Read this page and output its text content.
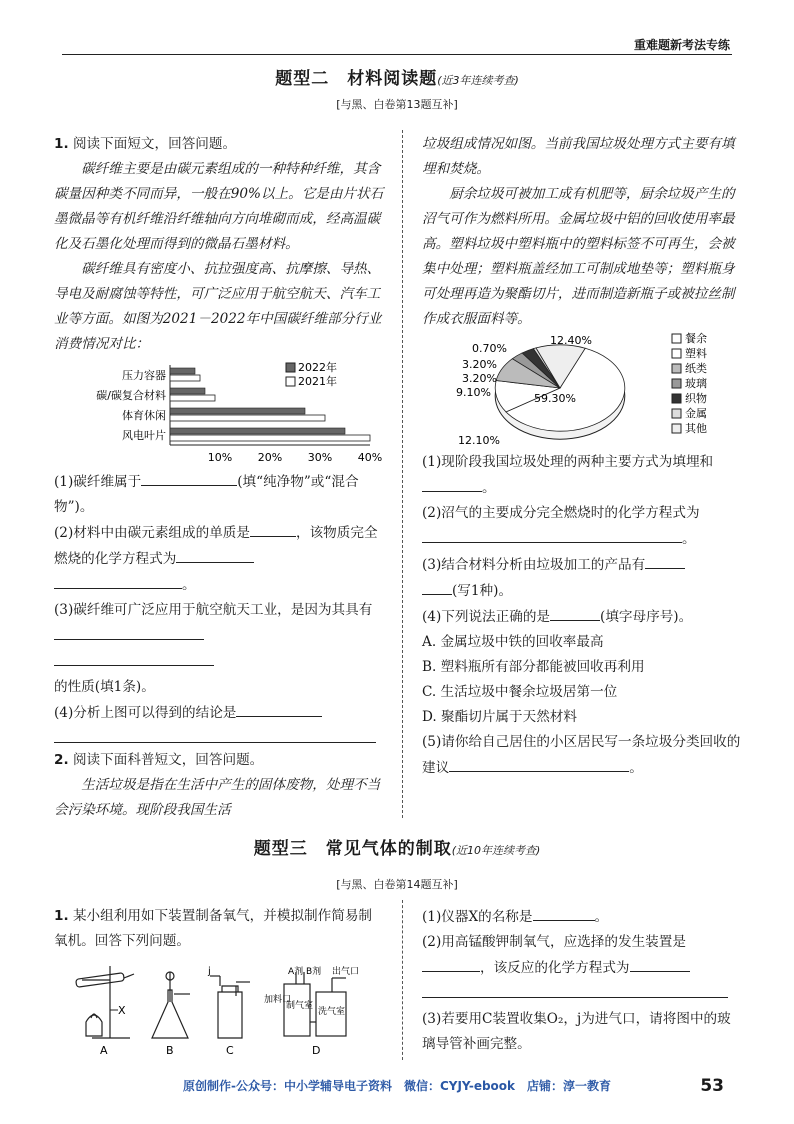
重难题新考法专练
题型二　材料阅读题(近3年连续考查)
[与黑、白卷第13题互补]
1. 阅读下面短文，回答问题。
碳纤维主要是由碳元素组成的一种特种纤维，其含碳量因种类不同而异，一般在90%以上。它是由片状石墨微晶等有机纤维沿纤维轴向方向堆砌而成，经高温碳化及石墨化处理而得到的微晶石墨材料。
碳纤维具有密度小、抗拉强度高、抗摩擦、导热、导电及耐腐蚀等特性，可广泛应用于航空航天、汽车工业等方面。如图为2021－2022年中国碳纤维部分行业消费情况对比：
压力容器
碳/碳复合材料
体育休闲
风电叶片
10% 20% 30% 40%
2022年
2021年
(1)碳纤维属于	(填“纯净物”或“混合物”)。
(2)材料中由碳元素组成的单质是	，该物质完全燃烧的化学方程式为
。
(3)碳纤维可广泛应用于航空航天工业，是因为其具有
的性质(填1条)。
(4)分析上图可以得到的结论是
2. 阅读下面科普短文，回答问题。
生活垃圾是指在生活中产生的固体废物，处理不当会污染环境。现阶段我国生活
垃圾组成情况如图。当前我国垃圾处理方式主要有填埋和焚烧。
厨余垃圾可被加工成有机肥等，厨余垃圾产生的沼气可作为燃料所用。金属垃圾中铝的回收使用率最高。塑料垃圾中塑料瓶中的塑料标签不可再生，会被集中处理；塑料瓶盖经加工可制成地垫等；塑料瓶身可处理再造为聚酯切片，进而制造新瓶子或被拉丝制作成衣服面料等。
59.30%
12.10%
9.10%
3.20%
3.20%
0.70%
12.40%	餐余
塑料
纸类
玻璃
织物
金属
其他
(1)现阶段我国垃圾处理的两种主要方式为填埋和。
(2)沼气的主要成分完全燃烧时的化学方程式为。
(3)结合材料分析由垃圾加工的产品有
(写1种)。
(4)下列说法正确的是	(填字母序号)。
A. 金属垃圾中铁的回收率最高
B. 塑料瓶所有部分都能被回收再利用
C. 生活垃圾中餐余垃圾居第一位
D. 聚酯切片属于天然材料
(5)请你给自己居住的小区居民写一条垃圾分类回收的建议	。
题型三　常见气体的制取(近10年连续考查)
[与黑、白卷第14题互补]
1. 某小组利用如下装置制备氧气，并模拟制作简易制氧机。回答下列问题。
X
j	A剂 B剂 出气口
加料口
制气室
洗气室
A	B	C	D
(1)仪器X的名称是	。
(2)用高锰酸钾制氧气，应选择的发生装置是，该反应的化学方程式为
(3)若要用C装置收集O₂，j为进气口，请将图中的玻璃导管补画完整。
原创制作-公众号：中小学辅导电子资料　微信：CYJY-ebook　店铺：淳一教育	53
